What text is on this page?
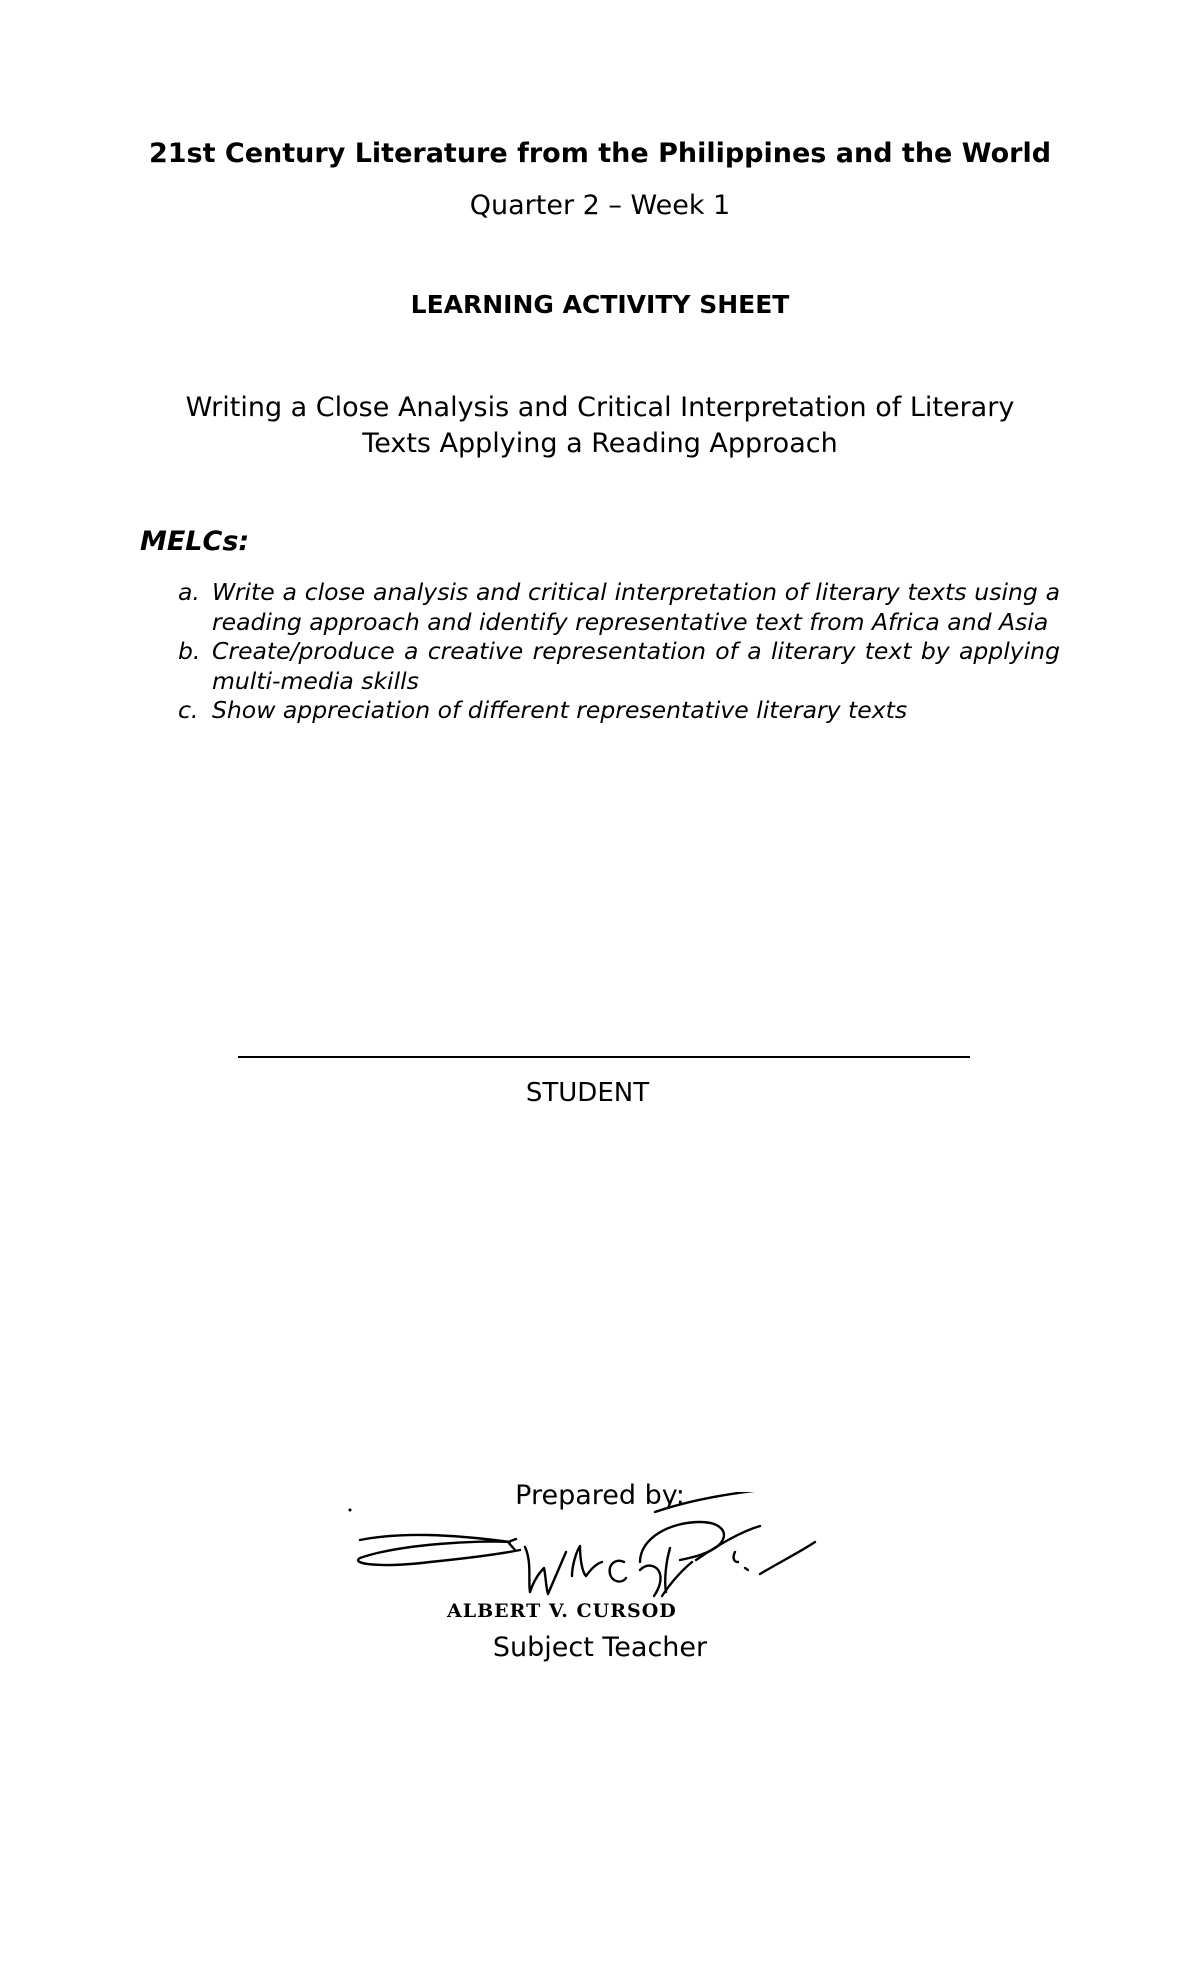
21st Century Literature from the Philippines and the World
Quarter 2 – Week 1
LEARNING ACTIVITY SHEET
Writing a Close Analysis and Critical Interpretation of Literary
Texts Applying a Reading Approach
MELCs:
a. Write a close analysis and critical interpretation of literary texts using a reading approach and identify representative text from Africa and Asia
b. Create/produce a creative representation of a literary text by applying multi-media skills
c. Show appreciation of different representative literary texts
STUDENT
Prepared by:
ALBERT V. CURSOD
Subject Teacher
